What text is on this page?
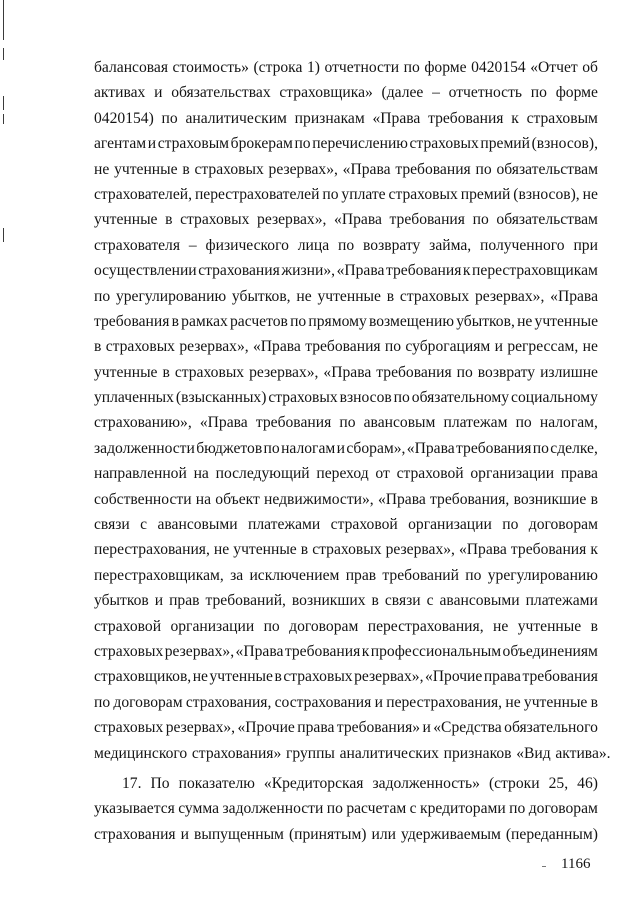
балансовая стоимость» (строка 1) отчетности по форме 0420154 «Отчет об
активах и обязательствах страховщика» (далее – отчетность по форме
0420154) по аналитическим признакам «Права требования к страховым
агентам и страховым брокерам по перечислению страховых премий (взносов),
не учтенные в страховых резервах», «Права требования по обязательствам
страхователей, перестрахователей по уплате страховых премий (взносов), не
учтенные в страховых резервах», «Права требования по обязательствам
страхователя – физического лица по возврату займа, полученного при
осуществлении страхования жизни», «Права требования к перестраховщикам
по урегулированию убытков, не учтенные в страховых резервах», «Права
требования в рамках расчетов по прямому возмещению убытков, не учтенные
в страховых резервах», «Права требования по суброгациям и регрессам, не
учтенные в страховых резервах», «Права требования по возврату излишне
уплаченных (взысканных) страховых взносов по обязательному социальному
страхованию», «Права требования по авансовым платежам по налогам,
задолженности бюджетов по налогам и сборам», «Права требования по сделке,
направленной на последующий переход от страховой организации права
собственности на объект недвижимости», «Права требования, возникшие в
связи с авансовыми платежами страховой организации по договорам
перестрахования, не учтенные в страховых резервах», «Права требования к
перестраховщикам, за исключением прав требований по урегулированию
убытков и прав требований, возникших в связи с авансовыми платежами
страховой организации по договорам перестрахования, не учтенные в
страховых резервах», «Права требования к профессиональным объединениям
страховщиков, не учтенные в страховых резервах», «Прочие права требования
по договорам страхования, сострахования и перестрахования, не учтенные в
страховых резервах», «Прочие права требования» и «Средства обязательного
медицинского страхования» группы аналитических признаков «Вид актива».
17. По показателю «Кредиторская задолженность» (строки 25, 46)
указывается сумма задолженности по расчетам с кредиторами по договорам
страхования и выпущенным (принятым) или удерживаемым (переданным)
1166
